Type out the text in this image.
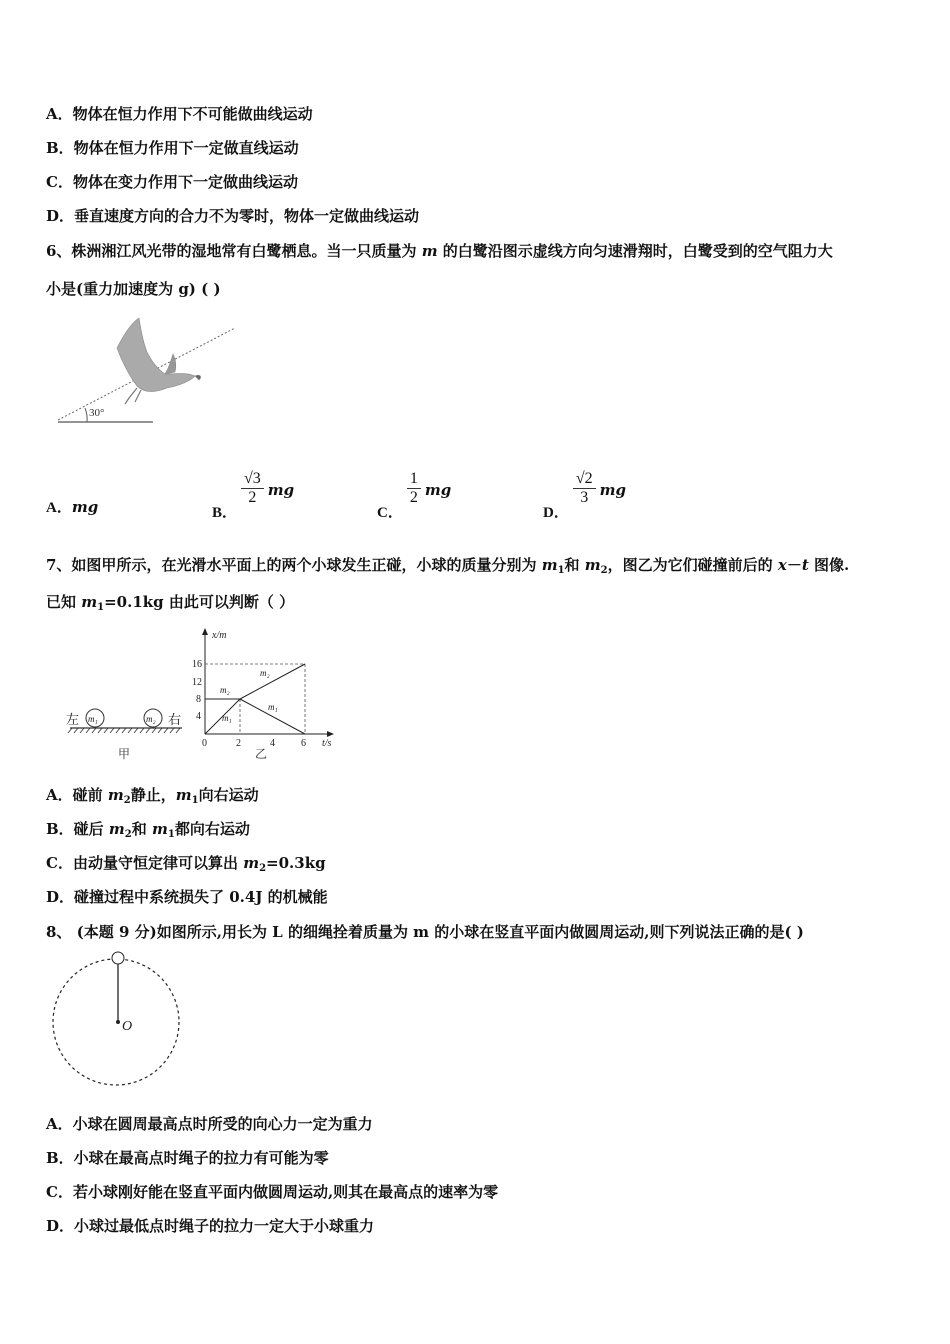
A．物体在恒力作用下不可能做曲线运动
B．物体在恒力作用下一定做直线运动
C．物体在变力作用下一定做曲线运动
D．垂直速度方向的合力不为零时，物体一定做曲线运动
6、株洲湘江风光带的湿地常有白鹭栖息。当一只质量为 m 的白鹭沿图示虚线方向匀速滑翔时，白鹭受到的空气阻力大
小是(重力加速度为 g) ( )
30°
A．mg	B．
$\frac{√3}{2}$ mg
C．
$\frac{1}{2}$ mg
D．
$\frac{√2}{3}$ mg
7、如图甲所示，在光滑水平面上的两个小球发生正碰，小球的质量分别为 $m_1$和 $m_2$，图乙为它们碰撞前后的 x－t 图像.
已知 $m_1=0.1kg$ 由此可以判断（ ）
左 m₁	m₂ 右
甲
x/m
t/s
16
12
8
4
0	2	4	6
m₂
m₂
m₁
m₁
乙
A．碰前 $m_2$静止，$m_1$向右运动
B．碰后 $m_2$和 $m_1$都向右运动
C．由动量守恒定律可以算出 $m_2=0.3kg$
D．碰撞过程中系统损失了 0.4J 的机械能
8、 (本题 9 分)如图所示,用长为 L 的细绳拴着质量为 m 的小球在竖直平面内做圆周运动,则下列说法正确的是( )
O
A．小球在圆周最高点时所受的向心力一定为重力
B．小球在最高点时绳子的拉力有可能为零
C．若小球刚好能在竖直平面内做圆周运动,则其在最高点的速率为零
D．小球过最低点时绳子的拉力一定大于小球重力
